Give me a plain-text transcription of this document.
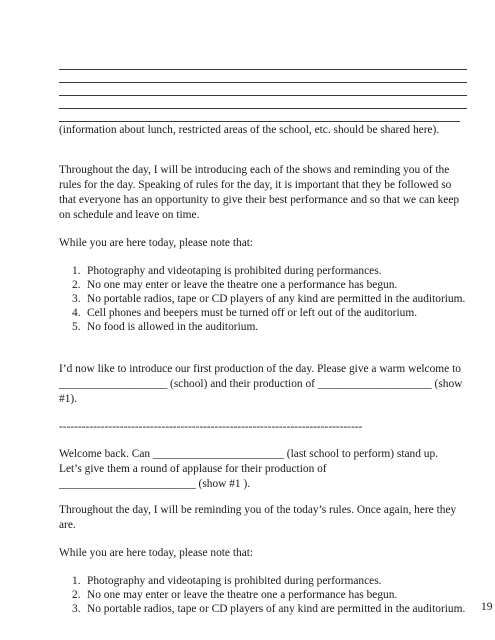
(information about lunch, restricted areas of the school, etc. should be shared here).
Throughout the day, I will be introducing each of the shows and reminding you of the
rules for the day. Speaking of rules for the day, it is important that they be followed so
that everyone has an opportunity to give their best performance and so that we can keep
on schedule and leave on time.
While you are here today, please note that:
1. Photography and videotaping is prohibited during performances.
2. No one may enter or leave the theatre one a performance has begun.
3. No portable radios, tape or CD players of any kind are permitted in the auditorium.
4. Cell phones and beepers must be turned off or left out of the auditorium.
5. No food is allowed in the auditorium.
I’d now like to introduce our first production of the day. Please give a warm welcome to
___________________ (school) and their production of ____________________ (show
#1).
--------------------------------------------------------------------------------
Welcome back. Can _______________________ (last school to perform) stand up.
Let’s give them a round of applause for their production of
________________________ (show #1 ).
Throughout the day, I will be reminding you of the today’s rules. Once again, here they
are.
While you are here today, please note that:
1. Photography and videotaping is prohibited during performances.
2. No one may enter or leave the theatre one a performance has begun.
3. No portable radios, tape or CD players of any kind are permitted in the auditorium. 19
